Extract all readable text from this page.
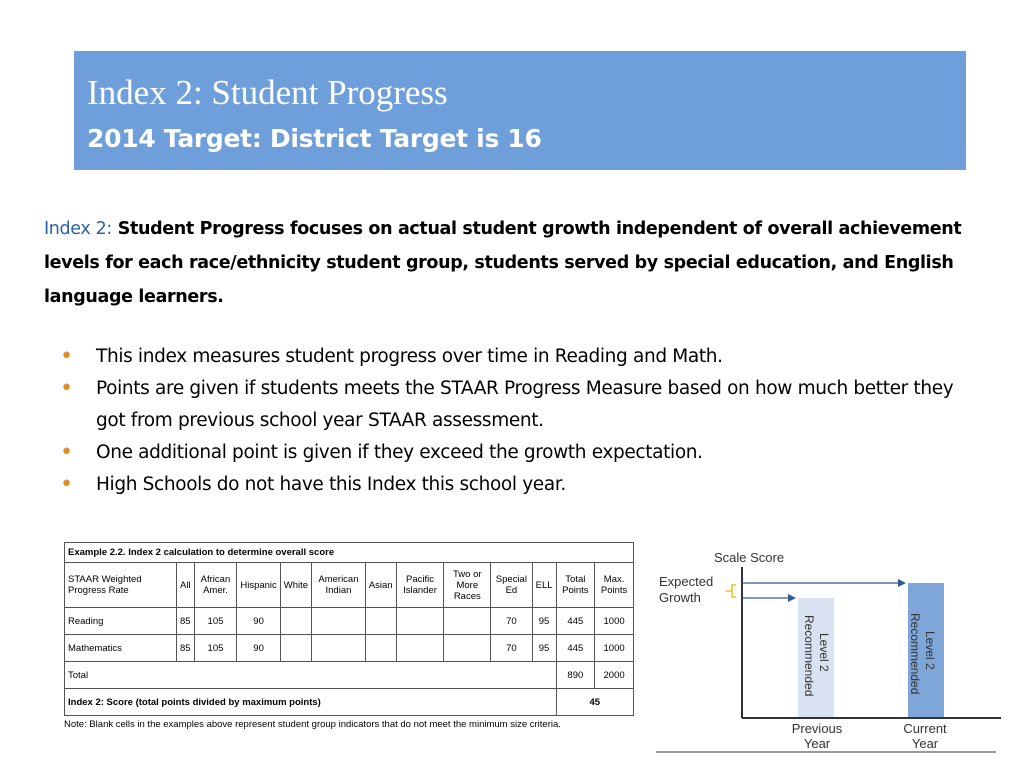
Index 2: Student Progress
2014 Target: District Target is 16
Index 2: Student Progress focuses on actual student growth independent of overall achievement levels for each race/ethnicity student group, students served by special education, and English language learners.
• This index measures student progress over time in Reading and Math.
• Points are given if students meets the STAAR Progress Measure based on how much better they got from previous school year STAAR assessment.
• One additional point is given if they exceed the growth expectation.
• High Schools do not have this Index this school year.
Example 2.2. Index 2 calculation to determine overall score												
STAAR Weighted Progress Rate	All	African Amer.	Hispanic	White	American Indian	Asian	Pacific Islander	Two or More Races	Special Ed	ELL	Total Points	Max. Points
Reading	85	105	90						70	95	445	1000
Mathematics	85	105	90						70	95	445	1000
Total											890	2000
Index 2: Score (total points divided by maximum points)											45	
Note: Blank cells in the examples above represent student group indicators that do not meet the minimum size criteria.
Scale Score
Expected
Growth
Level 2
Recommended	Level 2
Recommended
Previous
Year
Current
Year
